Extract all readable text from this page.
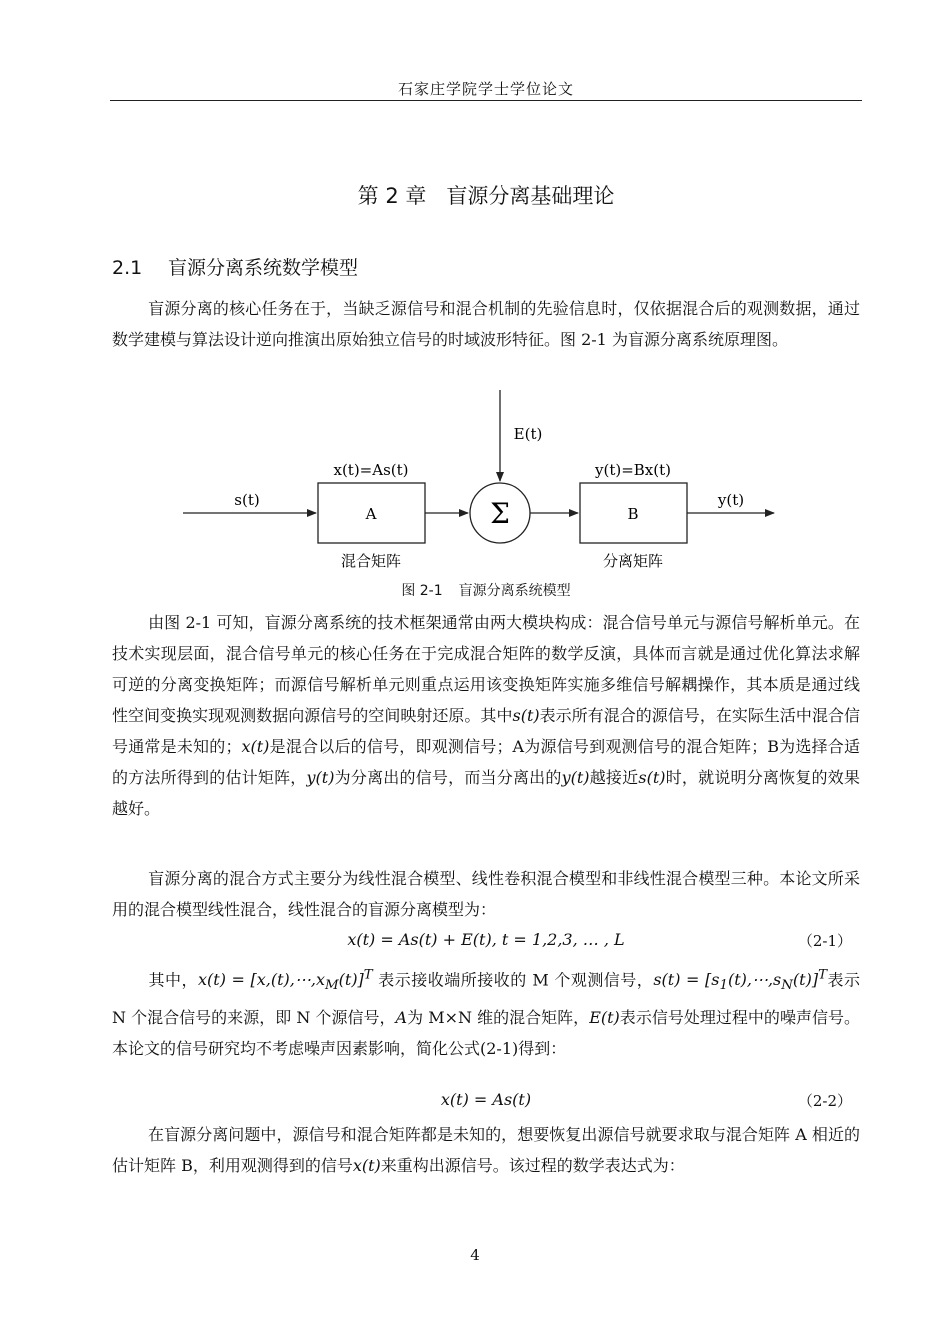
石家庄学院学士学位论文
第 2 章 盲源分离基础理论
2.1 盲源分离系统数学模型

盲源分离的核心任务在于，当缺乏源信号和混合机制的先验信息时，仅依据混合后的观测数据，通过数学建模与算法设计逆向推演出原始独立信号的时域波形特征。图 2-1 为盲源分离系统原理图。

s(t)
A
x(t)=As(t)
混合矩阵
E(t)
Σ	B
y(t)=Bx(t)
分离矩阵
y(t)
图 2-1 盲源分离系统模型

由图 2-1 可知，盲源分离系统的技术框架通常由两大模块构成：混合信号单元与源信号解析单元。在技术实现层面，混合信号单元的核心任务在于完成混合矩阵的数学反演，具体而言就是通过优化算法求解可逆的分离变换矩阵；而源信号解析单元则重点运用该变换矩阵实施多维信号解耦操作，其本质是通过线性空间变换实现观测数据向源信号的空间映射还原。其中s(t)表示所有混合的源信号，在实际生活中混合信号通常是未知的；x(t)是混合以后的信号，即观测信号；A为源信号到观测信号的混合矩阵；B为选择合适的方法所得到的估计矩阵，y(t)为分离出的信号，而当分离出的y(t)越接近s(t)时，就说明分离恢复的效果越好。

盲源分离的混合方式主要分为线性混合模型、线性卷积混合模型和非线性混合模型三种。本论文所采用的混合模型线性混合，线性混合的盲源分离模型为：

x(t) = As(t) + E(t), t = 1,2,3, … , L	（2-1）

其中，$x(t) = [x,(t),\cdots,x_M(t)]^T$ 表示接收端所接收的 M 个观测信号，$s(t) = [s_1(t),\cdots,s_N(t)]^T$表示 N 个混合信号的来源，即 N 个源信号，A为 M×N 维的混合矩阵，E(t)表示信号处理过程中的噪声信号。本论文的信号研究均不考虑噪声因素影响，简化公式(2-1)得到：

x(t) = As(t)	（2-2）

在盲源分离问题中，源信号和混合矩阵都是未知的，想要恢复出源信号就要求取与混合矩阵 A 相近的估计矩阵 B，利用观测得到的信号x(t)来重构出源信号。该过程的数学表达式为：

4
